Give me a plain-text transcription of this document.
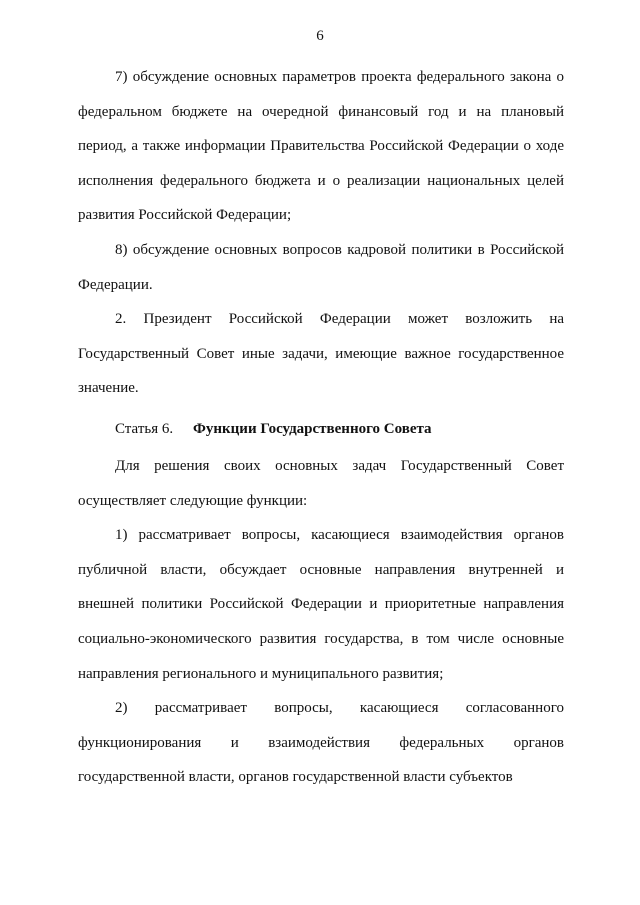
6

7) обсуждение основных параметров проекта федерального закона о федеральном бюджете на очередной финансовый год и на плановый период, а также информации Правительства Российской Федерации о ходе исполнения федерального бюджета и о реализации национальных целей развития Российской Федерации;

8) обсуждение основных вопросов кадровой политики в Российской Федерации.

2. Президент Российской Федерации может возложить на Государственный Совет иные задачи, имеющие важное государственное значение.

Статья 6. Функции Государственного Совета

Для решения своих основных задач Государственный Совет осуществляет следующие функции:

1) рассматривает вопросы, касающиеся взаимодействия органов публичной власти, обсуждает основные направления внутренней и внешней политики Российской Федерации и приоритетные направления социально-экономического развития государства, в том числе основные направления регионального и муниципального развития;

2) рассматривает вопросы, касающиеся согласованного функционирования и взаимодействия федеральных органов государственной власти, органов государственной власти субъектов
